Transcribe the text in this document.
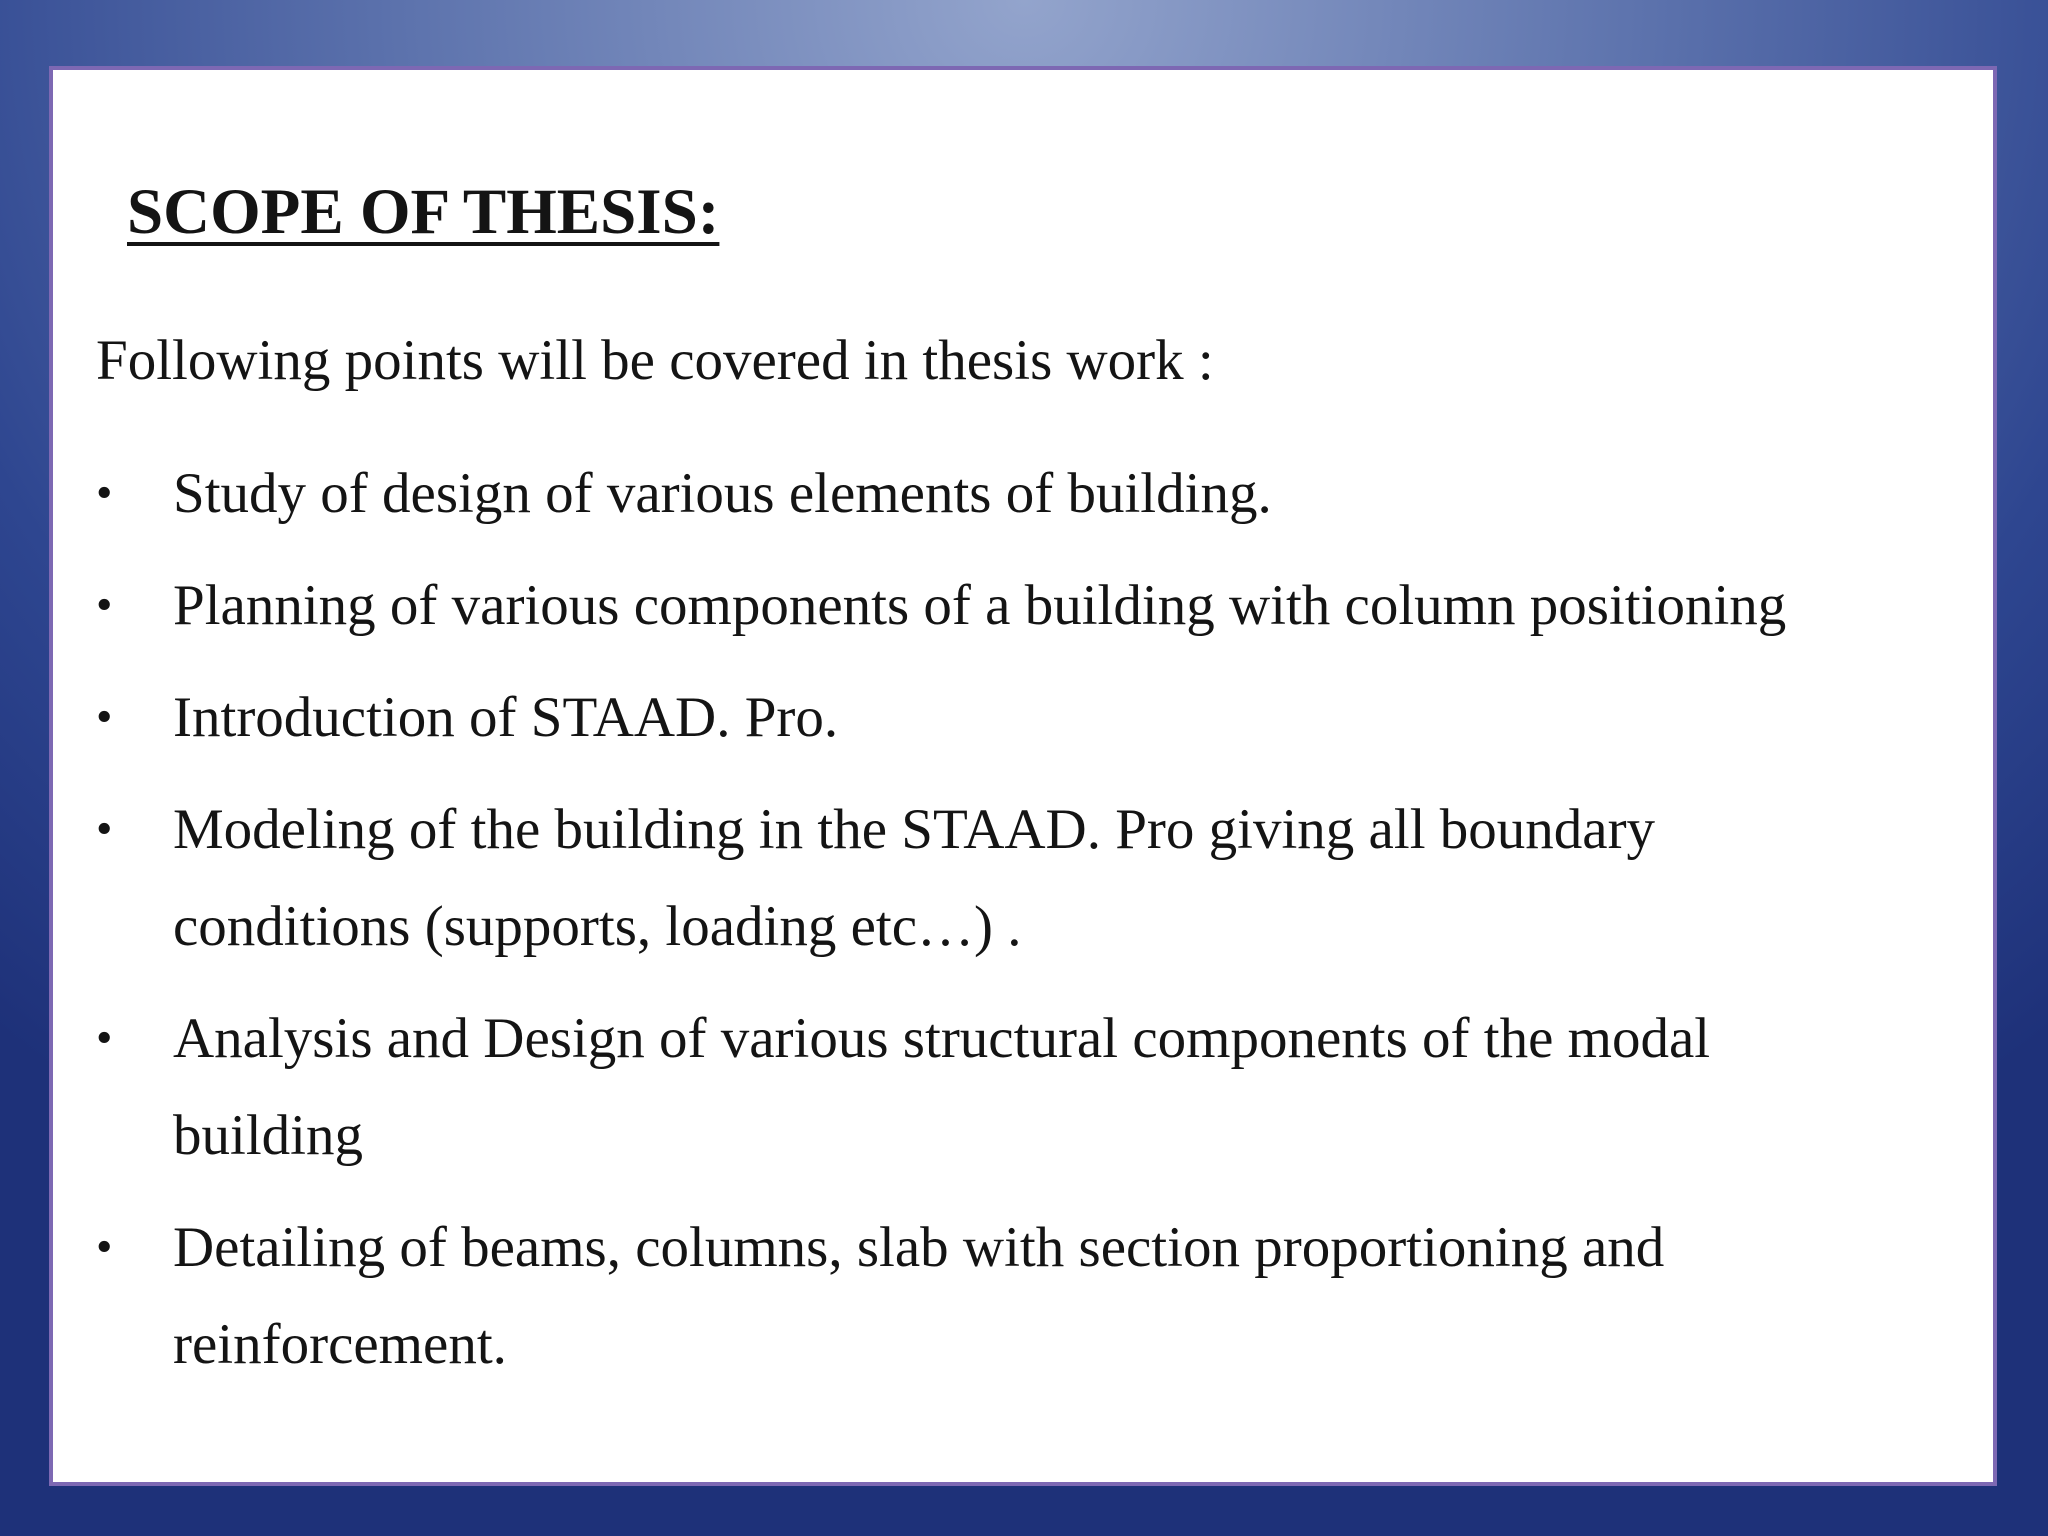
SCOPE OF THESIS:

Following points will be covered in thesis work :

• Study of design of various elements of building.
• Planning of various components of a building with column positioning
• Introduction of STAAD. Pro.
• Modeling of the building in the STAAD. Pro giving all boundary
conditions (supports, loading etc…) .
• Analysis and Design of various structural components of the modal
building
• Detailing of beams, columns, slab with section proportioning and
reinforcement.
